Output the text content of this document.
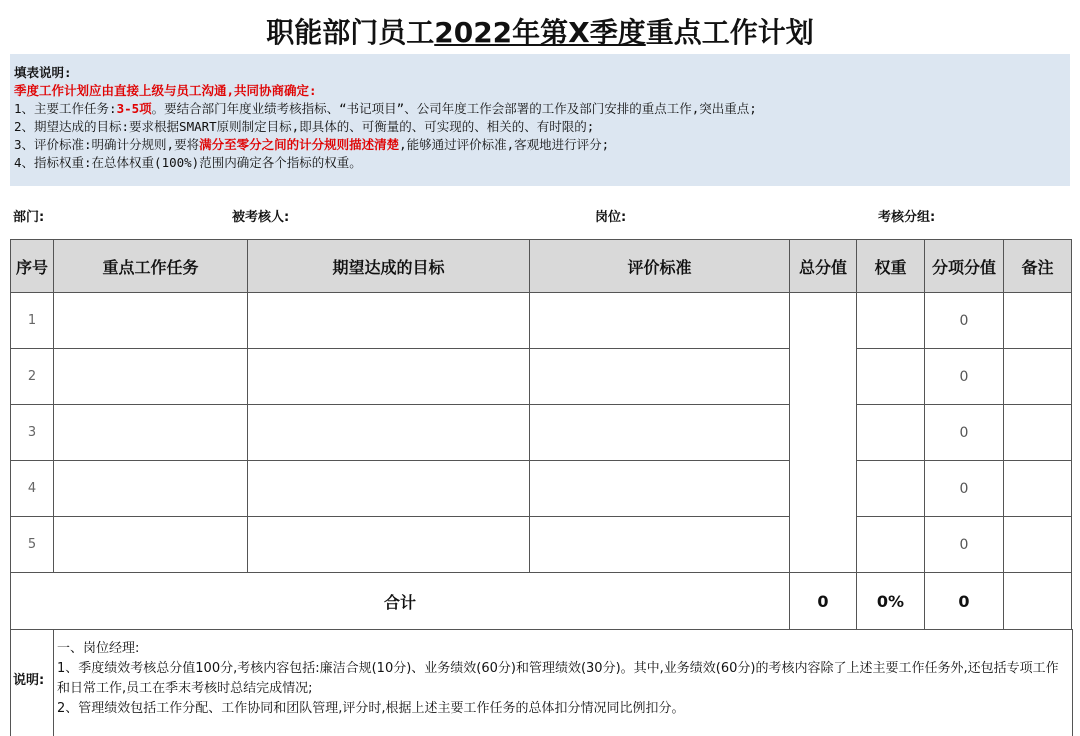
职能部门员工2022年第X季度重点工作计划
填表说明:
季度工作计划应由直接上级与员工沟通,共同协商确定:
1、主要工作任务:3-5项。要结合部门年度业绩考核指标、“书记项目”、公司年度工作会部署的工作及部门安排的重点工作,突出重点;
2、期望达成的目标:要求根据SMART原则制定目标,即具体的、可衡量的、可实现的、相关的、有时限的;
3、评价标准:明确计分规则,要将满分至零分之间的计分规则描述清楚,能够通过评价标准,客观地进行评分;
4、指标权重:在总体权重(100%)范围内确定各个指标的权重。
部门:	被考核人:	岗位:	考核分组:
序号	重点工作任务	期望达成的目标	评价标准	总分值	权重	分项分值	备注
1						0	
2						0	
3						0	
4						0	
5						0	
合计				0	0%	0	
说明:
一、岗位经理:
1、季度绩效考核总分值100分,考核内容包括:廉洁合规(10分)、业务绩效(60分)和管理绩效(30分)。其中,业务绩效(60分)的考核内容除了上述主要工作任务外,还包括专项工作和日常工作,员工在季末考核时总结完成情况;
2、管理绩效包括工作分配、工作协同和团队管理,评分时,根据上述主要工作任务的总体扣分情况同比例扣分。
